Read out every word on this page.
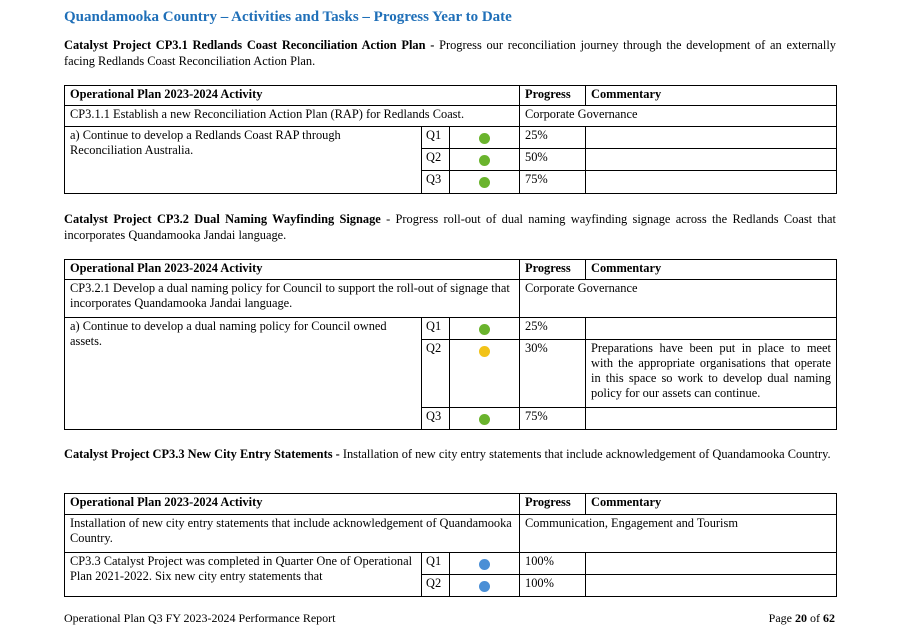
Quandamooka Country – Activities and Tasks – Progress Year to Date
Catalyst Project CP3.1 Redlands Coast Reconciliation Action Plan - Progress our reconciliation journey through the development of an externally facing Redlands Coast Reconciliation Action Plan.
Operational Plan 2023-2024 Activity			Progress	Commentary
CP3.1.1 Establish a new Reconciliation Action Plan (RAP) for Redlands Coast.			Corporate Governance	
a) Continue to develop a Redlands Coast RAP through Reconciliation Australia.	Q1		25%	
	Q2		50%	
	Q3		75%	
Catalyst Project CP3.2 Dual Naming Wayfinding Signage - Progress roll-out of dual naming wayfinding signage across the Redlands Coast that incorporates Quandamooka Jandai language.
Operational Plan 2023-2024 Activity			Progress	Commentary
CP3.2.1 Develop a dual naming policy for Council to support the roll-out of signage that incorporates Quandamooka Jandai language.			Corporate Governance	
a) Continue to develop a dual naming policy for Council owned assets.	Q1		25%	
	Q2		30%	Preparations have been put in place to meet with the appropriate organisations that operate in this space so work to develop dual naming policy for our assets can continue.
	Q3		75%	
Catalyst Project CP3.3 New City Entry Statements - Installation of new city entry statements that include acknowledgement of Quandamooka Country.
Operational Plan 2023-2024 Activity			Progress	Commentary
Installation of new city entry statements that include acknowledgement of Quandamooka Country.			Communication, Engagement and Tourism	
CP3.3 Catalyst Project was completed in Quarter One of Operational Plan 2021-2022. Six new city entry statements that	Q1		100%	
	Q2		100%	
Operational Plan Q3 FY 2023-2024 Performance Report	Page 20 of 62
